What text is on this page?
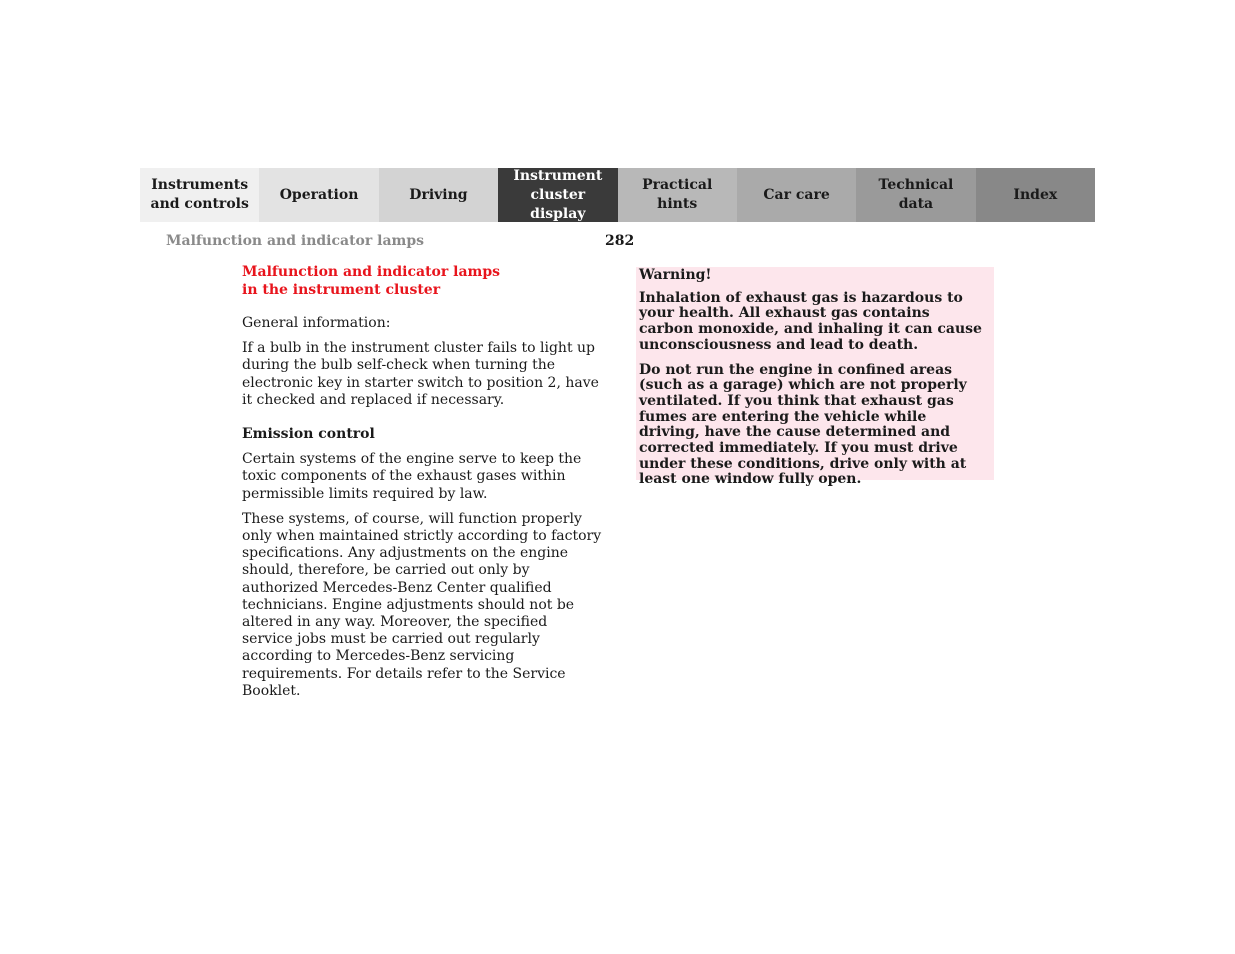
Instruments
and controls
Operation	Driving
Instrument
cluster display
Practical hints
Car care
Technical
data
Index
Malfunction and indicator lamps	282
Malfunction and indicator lamps
in the instrument cluster

General information:

If a bulb in the instrument cluster fails to light up during the bulb self-check when turning the electronic key in starter switch to position 2, have it checked and replaced if necessary.

Emission control

Certain systems of the engine serve to keep the toxic components of the exhaust gases within permissible limits required by law.

These systems, of course, will function properly only when maintained strictly according to factory specifications. Any adjustments on the engine should, therefore, be carried out only by authorized Mercedes-Benz Center qualified technicians. Engine adjustments should not be altered in any way. Moreover, the specified service jobs must be carried out regularly according to Mercedes-Benz servicing requirements. For details refer to the Service Booklet.

Warning!

Inhalation of exhaust gas is hazardous to your health. All exhaust gas contains carbon monoxide, and inhaling it can cause unconsciousness and lead to death.

Do not run the engine in confined areas (such as a garage) which are not properly ventilated. If you think that exhaust gas fumes are entering the vehicle while driving, have the cause determined and corrected immediately. If you must drive under these conditions, drive only with at least one window fully open.
